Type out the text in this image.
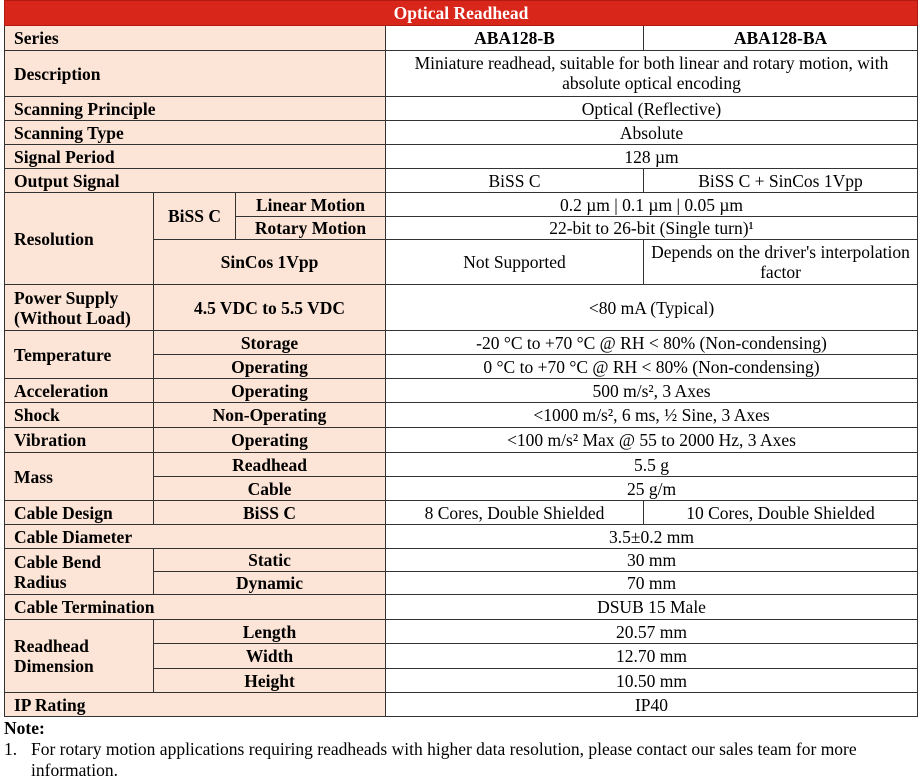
Optical Readhead				
Series			ABA128-B	ABA128-BA
Description			Miniature readhead, suitable for both linear and rotary motion, with absolute optical encoding	
Scanning Principle			Optical (Reflective)	
Scanning Type			Absolute	
Signal Period			128 µm	
Output Signal			BiSS C	BiSS C + SinCos 1Vpp
Resolution	BiSS C	Linear Motion	0.2 µm | 0.1 µm | 0.05 µm	
		Rotary Motion	22-bit to 26-bit (Single turn)¹	
	SinCos 1Vpp		Not Supported	Depends on the driver's interpolation factor
Power Supply (Without Load)	4.5 VDC to 5.5 VDC		<80 mA (Typical)	
Temperature	Storage		-20 °C to +70 °C @ RH < 80% (Non-condensing)	
	Operating		0 °C to +70 °C @ RH < 80% (Non-condensing)	
Acceleration	Operating		500 m/s², 3 Axes	
Shock	Non-Operating		<1000 m/s², 6 ms, ½ Sine, 3 Axes	
Vibration	Operating		<100 m/s² Max @ 55 to 2000 Hz, 3 Axes	
Mass	Readhead		5.5 g	
	Cable		25 g/m	
Cable Design	BiSS C		8 Cores, Double Shielded	10 Cores, Double Shielded
Cable Diameter			3.5±0.2 mm	
Cable Bend Radius	Static		30 mm	
	Dynamic		70 mm	
Cable Termination			DSUB 15 Male	
Readhead Dimension	Length		20.57 mm	
	Width		12.70 mm	
	Height		10.50 mm	
IP Rating			IP40	
Note:
1. For rotary motion applications requiring readheads with higher data resolution, please contact our sales team for more information.
